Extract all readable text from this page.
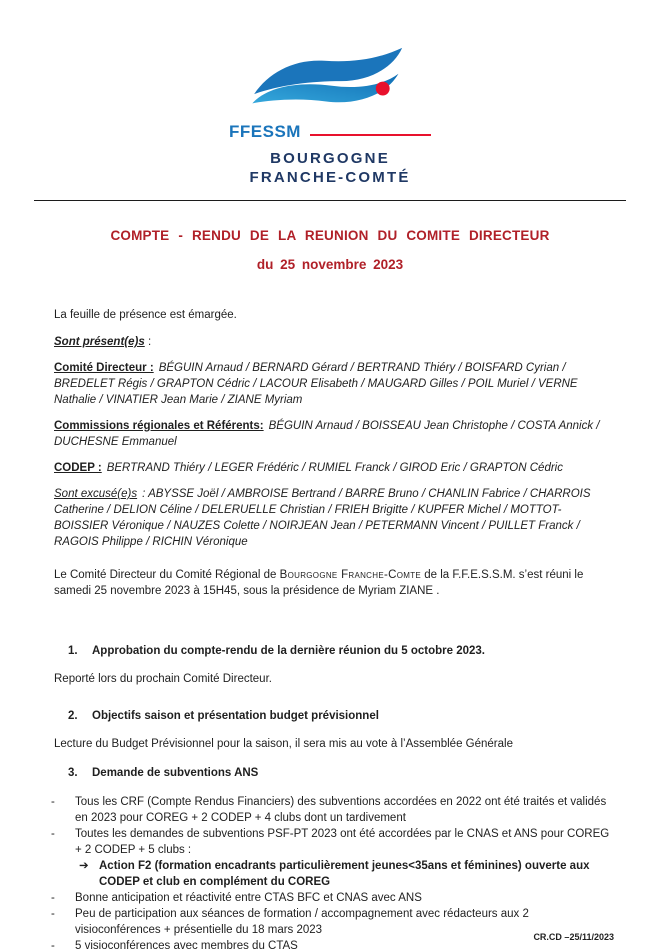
FFESSM
BOURGOGNE
FRANCHE-COMTÉ
COMPTE - RENDU DE LA REUNION DU COMITE DIRECTEUR
du 25 novembre 2023

La feuille de présence est émargée.

Sont présent(e)s :

Comité Directeur : BÉGUIN Arnaud / BERNARD Gérard / BERTRAND Thiéry / BOISFARD Cyrian / BREDELET Régis / GRAPTON Cédric / LACOUR Elisabeth / MAUGARD Gilles / POIL Muriel / VERNE Nathalie / VINATIER Jean Marie / ZIANE Myriam

Commissions régionales et Référents: BÉGUIN Arnaud / BOISSEAU Jean Christophe / COSTA Annick / DUCHESNE Emmanuel

CODEP : BERTRAND Thiéry / LEGER Frédéric / RUMIEL Franck / GIROD Eric / GRAPTON Cédric

Sont excusé(e)s : ABYSSE Joël / AMBROISE Bertrand / BARRE Bruno / CHANLIN Fabrice / CHARROIS Catherine / DELION Céline / DELERUELLE Christian / FRIEH Brigitte / KUPFER Michel / MOTTOT-BOISSIER Véronique / NAUZES Colette / NOIRJEAN Jean / PETERMANN Vincent / PUILLET Franck / RAGOIS Philippe / RICHIN Véronique

Le Comité Directeur du Comité Régional de Bourgogne Franche-Comte de la F.F.E.S.S.M. s’est réuni le samedi 25 novembre 2023 à 15H45, sous la présidence de Myriam ZIANE .

1.	Approbation du compte-rendu de la dernière réunion du 5 octobre 2023.

Reporté lors du prochain Comité Directeur.

2.	Objectifs saison et présentation budget prévisionnel

Lecture du Budget Prévisionnel pour la saison, il sera mis au vote à l’Assemblée Générale

3.	Demande de subventions ANS
-	Tous les CRF (Compte Rendus Financiers) des subventions accordées en 2022 ont été traités et validés en 2023 pour COREG + 2 CODEP + 4 clubs dont un tardivement
-	Toutes les demandes de subventions PSF-PT 2023 ont été accordées par le CNAS et ANS pour COREG + 2 CODEP + 5 clubs :
➔ Action F2 (formation encadrants particulièrement jeunes<35ans et féminines) ouverte aux CODEP et club en complément du COREG
-	Bonne anticipation et réactivité entre CTAS BFC et CNAS avec ANS
-	Peu de participation aux séances de formation / accompagnement avec rédacteurs aux 2 visioconférences + présentielle du 18 mars 2023
-	5 visioconférences avec membres du CTAS
CR.CD –25/11/2023
